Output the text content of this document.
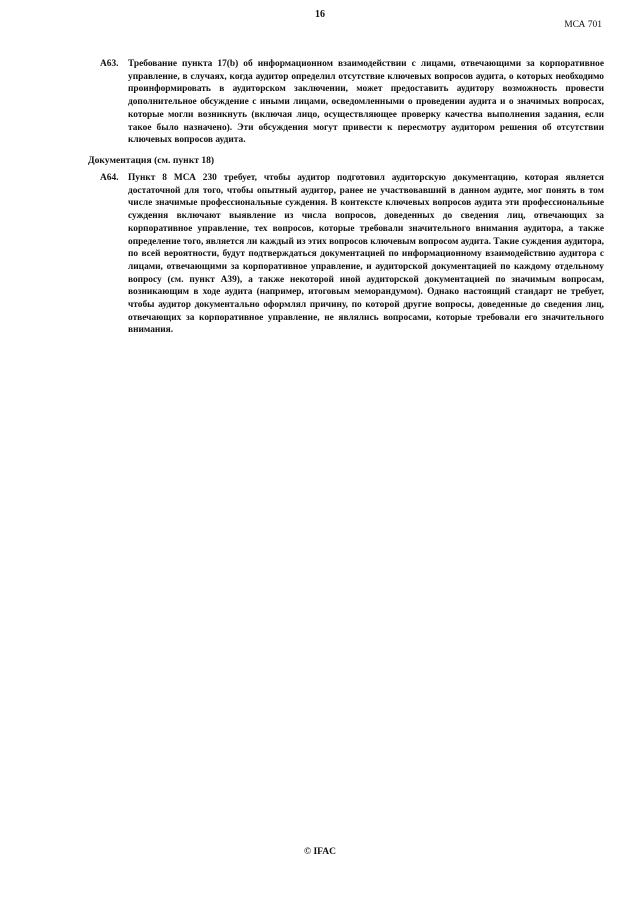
16
МСА 701
A63. Требование пункта 17(b) об информационном взаимодействии с лицами, отвечающими за корпоративное управление, в случаях, когда аудитор определил отсутствие ключевых вопросов аудита, о которых необходимо проинформировать в аудиторском заключении, может предоставить аудитору возможность провести дополнительное обсуждение с иными лицами, осведомленными о проведении аудита и о значимых вопросах, которые могли возникнуть (включая лицо, осуществляющее проверку качества выполнения задания, если такое было назначено). Эти обсуждения могут привести к пересмотру аудитором решения об отсутствии ключевых вопросов аудита.
Документация (см. пункт 18)
A64. Пункт 8 МСА 230 требует, чтобы аудитор подготовил аудиторскую документацию, которая является достаточной для того, чтобы опытный аудитор, ранее не участвовавший в данном аудите, мог понять в том числе значимые профессиональные суждения. В контексте ключевых вопросов аудита эти профессиональные суждения включают выявление из числа вопросов, доведенных до сведения лиц, отвечающих за корпоративное управление, тех вопросов, которые требовали значительного внимания аудитора, а также определение того, является ли каждый из этих вопросов ключевым вопросом аудита. Такие суждения аудитора, по всей вероятности, будут подтверждаться документацией по информационному взаимодействию аудитора с лицами, отвечающими за корпоративное управление, и аудиторской документацией по каждому отдельному вопросу (см. пункт A39), а также некоторой иной аудиторской документацией по значимым вопросам, возникающим в ходе аудита (например, итоговым меморандумом). Однако настоящий стандарт не требует, чтобы аудитор документально оформлял причину, по которой другие вопросы, доведенные до сведения лиц, отвечающих за корпоративное управление, не являлись вопросами, которые требовали его значительного внимания.
© IFAC
